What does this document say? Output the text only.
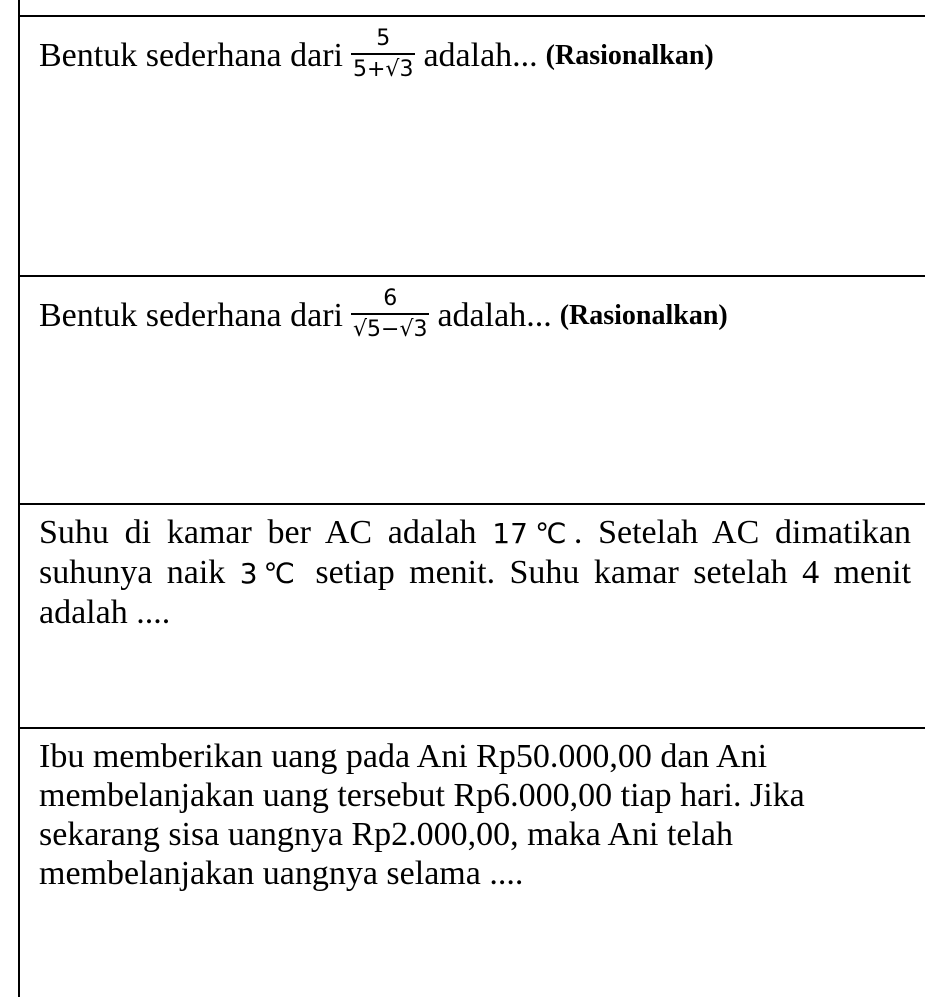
Bentuk sederhana dari $\frac{5}{5+√3}$ adalah... (Rasionalkan)
Bentuk sederhana dari $\frac{6}{√5-√3}$ adalah... (Rasionalkan)
Suhu di kamar ber AC adalah 17℃. Setelah AC dimatikan suhunya naik 3℃ setiap menit. Suhu kamar setelah 4 menit adalah ....
Ibu memberikan uang pada Ani Rp50.000,00 dan Ani membelanjakan uang tersebut Rp6.000,00 tiap hari. Jika sekarang sisa uangnya Rp2.000,00, maka Ani telah membelanjakan uangnya selama ....
